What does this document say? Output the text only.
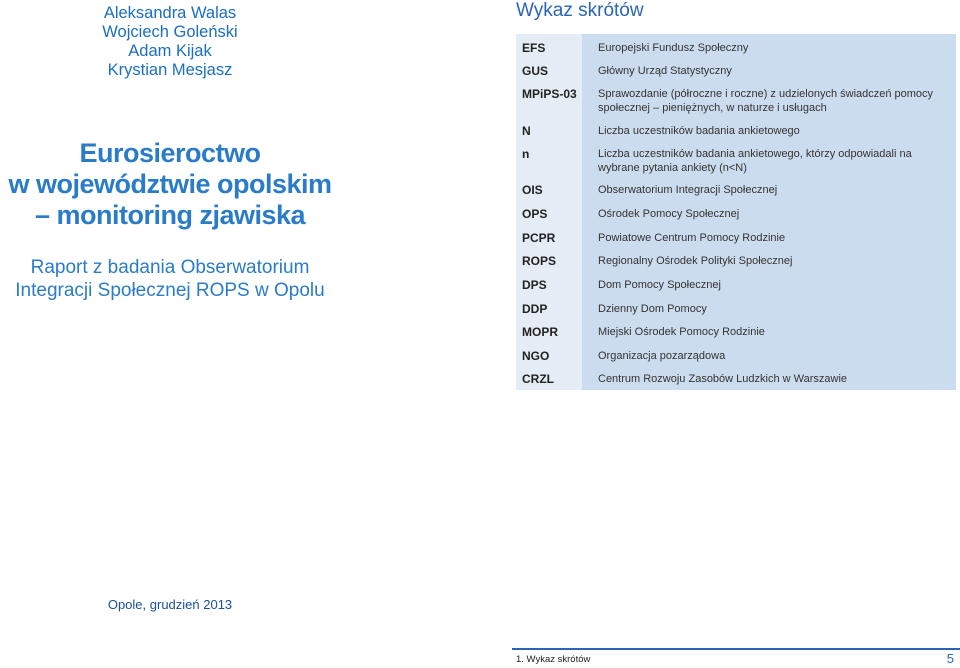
Aleksandra Walas
Wojciech Goleński
Adam Kijak
Krystian Mesjasz
Eurosieroctwo
w województwie opolskim
– monitoring zjawiska
Raport z badania Obserwatorium
Integracji Społecznej ROPS w Opolu
Opole, grudzień 2013
Wykaz skrótów
EFS	Europejski Fundusz Społeczny
GUS	Główny Urząd Statystyczny
MPiPS-03	Sprawozdanie (półroczne i roczne) z udzielonych świadczeń pomocy społecznej – pieniężnych, w naturze i usługach
N	Liczba uczestników badania ankietowego
n	Liczba uczestników badania ankietowego, którzy odpowiadali na wybrane pytania ankiety (n<N)
OIS	Obserwatorium Integracji Społecznej
OPS	Ośrodek Pomocy Społecznej
PCPR	Powiatowe Centrum Pomocy Rodzinie
ROPS	Regionalny Ośrodek Polityki Społecznej
DPS	Dom Pomocy Społecznej
DDP	Dzienny Dom Pomocy
MOPR	Miejski Ośrodek Pomocy Rodzinie
NGO	Organizacja pozarządowa
CRZL	Centrum Rozwoju Zasobów Ludzkich w Warszawie
1. Wykaz skrótów	5
